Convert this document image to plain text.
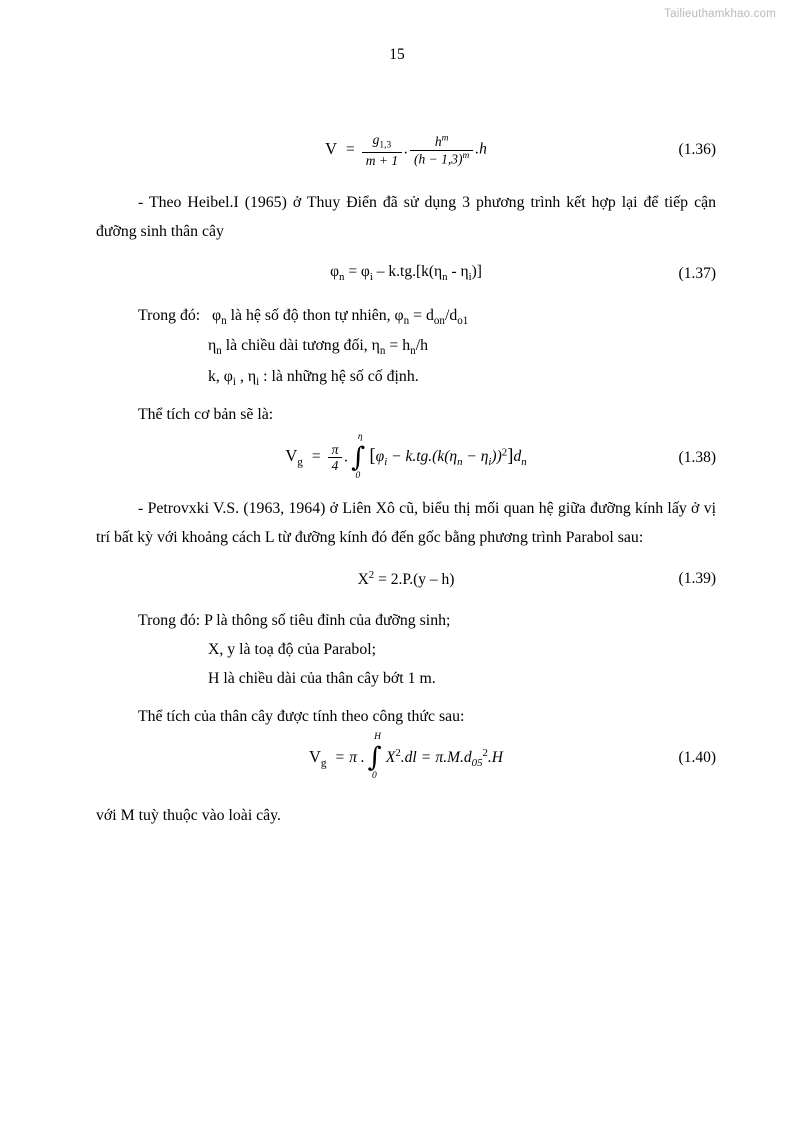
Tailieuthamkhao.com
15
$V = \frac{g_{1,3}}{m + 1}$ . $\frac{h^m}{(h - 1,3)^m} .h$	(1.36)

- Theo Heibel.I (1965) ở Thuy Điển đã sử dụng 3 phương trình kết hợp lại để tiếp cận đưỡng sinh thân cây

$\varphi_n = \varphi_i - k.tg.[k(\eta_n - \eta_i)]$	(1.37)

Trong đó:   $\varphi_n$ là hệ số độ thon tự nhiên, $\varphi_n = d_{on}/d_{o1}$

$\eta_n$ là chiều dài tương đối, $\eta_n = h_n/h$

k, $\varphi_i$ , $\eta_i$ : là những hệ số cố định.

Thể tích cơ bản sẽ là:

$V_g = \frac{\pi}{4}$ . ∫
η
0
$[\varphi_i - k.tg.(k(\eta_n - \eta_i))^2]d_n$	(1.38)

- Petrovxki V.S. (1963, 1964) ở Liên Xô cũ, biểu thị mối quan hệ giữa đưỡng kính lấy ở vị trí bất kỳ với khoảng cách L từ đưỡng kính đó đến gốc bằng phương trình Parabol sau:

$X^2 = 2.P.(y - h)$	(1.39)

Trong đó: P là thông số tiêu đỉnh của đưỡng sinh;

X, y là toạ độ của Parabol;

H là chiều dài của thân cây bớt 1 m.

Thể tích của thân cây được tính theo công thức sau:

$V_g = \pi$ . ∫
H
0
$X^2.dl = \pi.M.d_{05}^2.H$	(1.40)

với M tuỳ thuộc vào loài cây.
